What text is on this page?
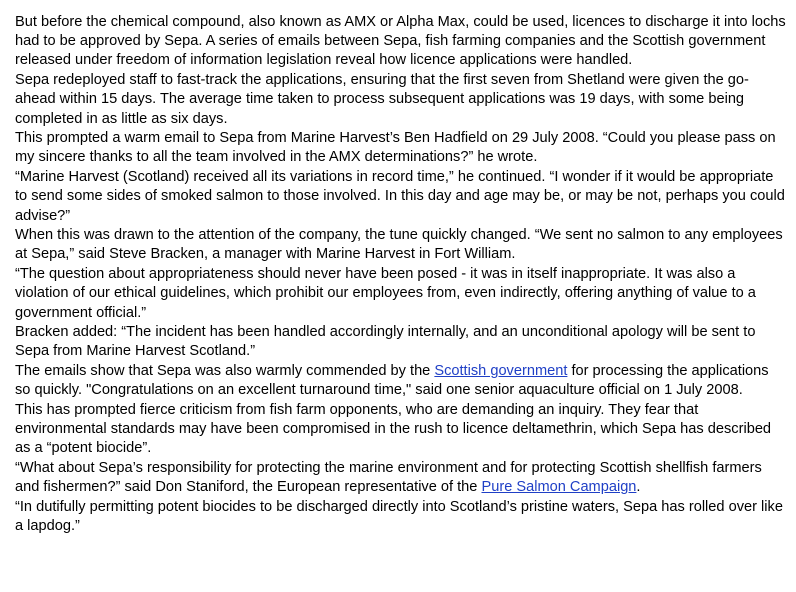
But before the chemical compound, also known as AMX or Alpha Max, could be used, licences to discharge it into lochs had to be approved by Sepa. A series of emails between Sepa, fish farming companies and the Scottish government released under freedom of information legislation reveal how licence applications were handled.

Sepa redeployed staff to fast-track the applications, ensuring that the first seven from Shetland were given the go-ahead within 15 days. The average time taken to process subsequent applications was 19 days, with some being completed in as little as six days.

This prompted a warm email to Sepa from Marine Harvest’s Ben Hadfield on 29 July 2008. “Could you please pass on my sincere thanks to all the team involved in the AMX determinations?” he wrote.

“Marine Harvest (Scotland) received all its variations in record time,” he continued. “I wonder if it would be appropriate to send some sides of smoked salmon to those involved. In this day and age may be, or may be not, perhaps you could advise?”

When this was drawn to the attention of the company, the tune quickly changed. “We sent no salmon to any employees at Sepa,” said Steve Bracken, a manager with Marine Harvest in Fort William.

“The question about appropriateness should never have been posed - it was in itself inappropriate. It was also a violation of our ethical guidelines, which prohibit our employees from, even indirectly, offering anything of value to a government official.”

Bracken added: “The incident has been handled accordingly internally, and an unconditional apology will be sent to Sepa from Marine Harvest Scotland.”

The emails show that Sepa was also warmly commended by the Scottish government for processing the applications so quickly. "Congratulations on an excellent turnaround time," said one senior aquaculture official on 1 July 2008.

This has prompted fierce criticism from fish farm opponents, who are demanding an inquiry. They fear that environmental standards may have been compromised in the rush to licence deltamethrin, which Sepa has described as a “potent biocide”.

“What about Sepa’s responsibility for protecting the marine environment and for protecting Scottish shellfish farmers and fishermen?” said Don Staniford, the European representative of the Pure Salmon Campaign.

“In dutifully permitting potent biocides to be discharged directly into Scotland’s pristine waters, Sepa has rolled over like a lapdog.”
